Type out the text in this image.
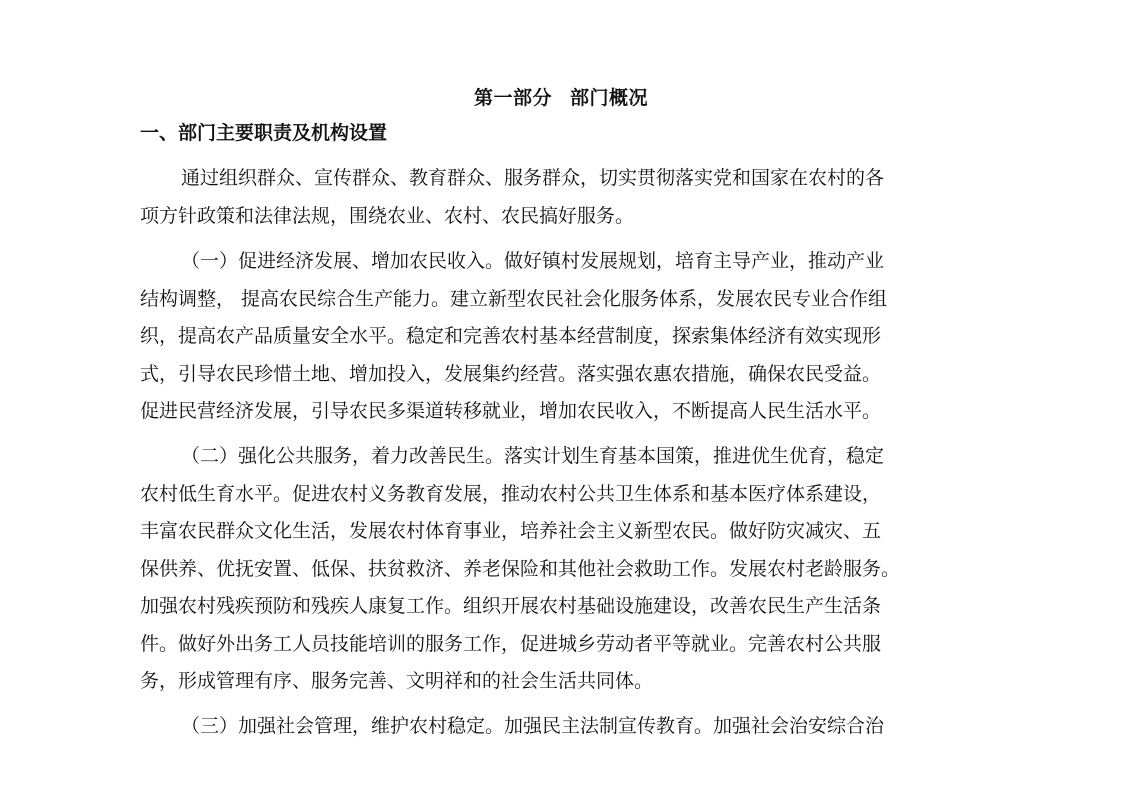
第一部分 部门概况
一、部门主要职责及机构设置
通过组织群众、宣传群众、教育群众、服务群众，切实贯彻落实党和国家在农村的各
项方针政策和法律法规，围绕农业、农村、农民搞好服务。
（一）促进经济发展、增加农民收入。做好镇村发展规划，培育主导产业，推动产业
结构调整， 提高农民综合生产能力。建立新型农民社会化服务体系，发展农民专业合作组
织，提高农产品质量安全水平。稳定和完善农村基本经营制度，探索集体经济有效实现形
式，引导农民珍惜土地、增加投入，发展集约经营。落实强农惠农措施，确保农民受益。
促进民营经济发展，引导农民多渠道转移就业，增加农民收入，不断提高人民生活水平。
（二）强化公共服务，着力改善民生。落实计划生育基本国策，推进优生优育，稳定
农村低生育水平。促进农村义务教育发展，推动农村公共卫生体系和基本医疗体系建设，
丰富农民群众文化生活，发展农村体育事业，培养社会主义新型农民。做好防灾减灾、五
保供养、优抚安置、低保、扶贫救济、养老保险和其他社会救助工作。发展农村老龄服务。
加强农村残疾预防和残疾人康复工作。组织开展农村基础设施建设，改善农民生产生活条
件。做好外出务工人员技能培训的服务工作，促进城乡劳动者平等就业。完善农村公共服
务，形成管理有序、服务完善、文明祥和的社会生活共同体。
（三）加强社会管理，维护农村稳定。加强民主法制宣传教育。加强社会治安综合治
